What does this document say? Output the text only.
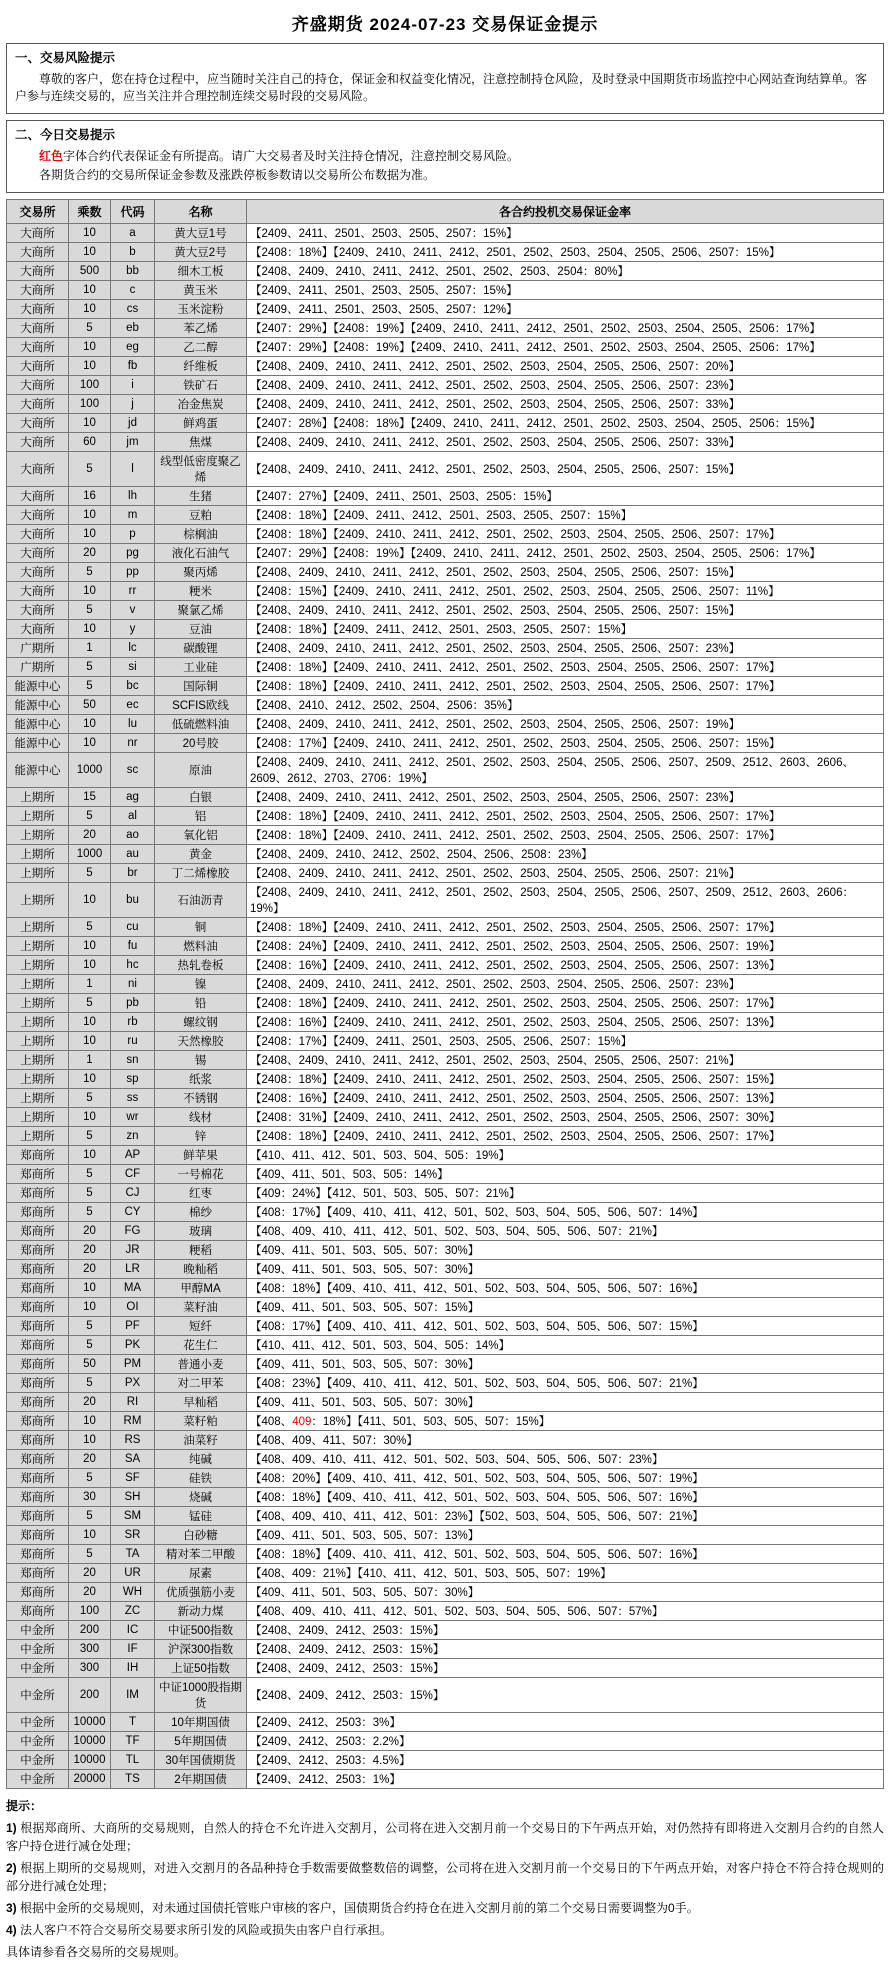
齐盛期货 2024-07-23 交易保证金提示
一、交易风险提示

尊敬的客户，您在持仓过程中，应当随时关注自己的持仓，保证金和权益变化情况，注意控制持仓风险，及时登录中国期货市场监控中心网站查询结算单。客户参与连续交易的，应当关注并合理控制连续交易时段的交易风险。

二、今日交易提示

红色字体合约代表保证金有所提高。请广大交易者及时关注持仓情况，注意控制交易风险。

各期货合约的交易所保证金参数及涨跌停板参数请以交易所公布数据为准。

交易所	乘数	代码	名称	各合约投机交易保证金率
大商所	10	a	黄大豆1号	【2409、2411、2501、2503、2505、2507：15%】
大商所	10	b	黄大豆2号	【2408：18%】【2409、2410、2411、2412、2501、2502、2503、2504、2505、2506、2507：15%】
大商所	500	bb	细木工板	【2408、2409、2410、2411、2412、2501、2502、2503、2504：80%】
大商所	10	c	黄玉米	【2409、2411、2501、2503、2505、2507：15%】
大商所	10	cs	玉米淀粉	【2409、2411、2501、2503、2505、2507：12%】
大商所	5	eb	苯乙烯	【2407：29%】【2408：19%】【2409、2410、2411、2412、2501、2502、2503、2504、2505、2506：17%】
大商所	10	eg	乙二醇	【2407：29%】【2408：19%】【2409、2410、2411、2412、2501、2502、2503、2504、2505、2506：17%】
大商所	10	fb	纤维板	【2408、2409、2410、2411、2412、2501、2502、2503、2504、2505、2506、2507：20%】
大商所	100	i	铁矿石	【2408、2409、2410、2411、2412、2501、2502、2503、2504、2505、2506、2507：23%】
大商所	100	j	冶金焦炭	【2408、2409、2410、2411、2412、2501、2502、2503、2504、2505、2506、2507：33%】
大商所	10	jd	鲜鸡蛋	【2407：28%】【2408：18%】【2409、2410、2411、2412、2501、2502、2503、2504、2505、2506：15%】
大商所	60	jm	焦煤	【2408、2409、2410、2411、2412、2501、2502、2503、2504、2505、2506、2507：33%】
大商所	5	l	线型低密度聚乙烯	【2408、2409、2410、2411、2412、2501、2502、2503、2504、2505、2506、2507：15%】
大商所	16	lh	生猪	【2407：27%】【2409、2411、2501、2503、2505：15%】
大商所	10	m	豆粕	【2408：18%】【2409、2411、2412、2501、2503、2505、2507：15%】
大商所	10	p	棕榈油	【2408：18%】【2409、2410、2411、2412、2501、2502、2503、2504、2505、2506、2507：17%】
大商所	20	pg	液化石油气	【2407：29%】【2408：19%】【2409、2410、2411、2412、2501、2502、2503、2504、2505、2506：17%】
大商所	5	pp	聚丙烯	【2408、2409、2410、2411、2412、2501、2502、2503、2504、2505、2506、2507：15%】
大商所	10	rr	粳米	【2408：15%】【2409、2410、2411、2412、2501、2502、2503、2504、2505、2506、2507：11%】
大商所	5	v	聚氯乙烯	【2408、2409、2410、2411、2412、2501、2502、2503、2504、2505、2506、2507：15%】
大商所	10	y	豆油	【2408：18%】【2409、2411、2412、2501、2503、2505、2507：15%】
广期所	1	lc	碳酸锂	【2408、2409、2410、2411、2412、2501、2502、2503、2504、2505、2506、2507：23%】
广期所	5	si	工业硅	【2408：18%】【2409、2410、2411、2412、2501、2502、2503、2504、2505、2506、2507：17%】
能源中心	5	bc	国际铜	【2408：18%】【2409、2410、2411、2412、2501、2502、2503、2504、2505、2506、2507：17%】
能源中心	50	ec	SCFIS欧线	【2408、2410、2412、2502、2504、2506：35%】
能源中心	10	lu	低硫燃料油	【2408、2409、2410、2411、2412、2501、2502、2503、2504、2505、2506、2507：19%】
能源中心	10	nr	20号胶	【2408：17%】【2409、2410、2411、2412、2501、2502、2503、2504、2505、2506、2507：15%】
能源中心	1000	sc	原油	【2408、2409、2410、2411、2412、2501、2502、2503、2504、2505、2506、2507、2509、2512、2603、2606、2609、2612、2703、2706：19%】
上期所	15	ag	白银	【2408、2409、2410、2411、2412、2501、2502、2503、2504、2505、2506、2507：23%】
上期所	5	al	铝	【2408：18%】【2409、2410、2411、2412、2501、2502、2503、2504、2505、2506、2507：17%】
上期所	20	ao	氧化铝	【2408：18%】【2409、2410、2411、2412、2501、2502、2503、2504、2505、2506、2507：17%】
上期所	1000	au	黄金	【2408、2409、2410、2412、2502、2504、2506、2508：23%】
上期所	5	br	丁二烯橡胶	【2408、2409、2410、2411、2412、2501、2502、2503、2504、2505、2506、2507：21%】
上期所	10	bu	石油沥青	【2408、2409、2410、2411、2412、2501、2502、2503、2504、2505、2506、2507、2509、2512、2603、2606：19%】
上期所	5	cu	铜	【2408：18%】【2409、2410、2411、2412、2501、2502、2503、2504、2505、2506、2507：17%】
上期所	10	fu	燃料油	【2408：24%】【2409、2410、2411、2412、2501、2502、2503、2504、2505、2506、2507：19%】
上期所	10	hc	热轧卷板	【2408：16%】【2409、2410、2411、2412、2501、2502、2503、2504、2505、2506、2507：13%】
上期所	1	ni	镍	【2408、2409、2410、2411、2412、2501、2502、2503、2504、2505、2506、2507：23%】
上期所	5	pb	铅	【2408：18%】【2409、2410、2411、2412、2501、2502、2503、2504、2505、2506、2507：17%】
上期所	10	rb	螺纹钢	【2408：16%】【2409、2410、2411、2412、2501、2502、2503、2504、2505、2506、2507：13%】
上期所	10	ru	天然橡胶	【2408：17%】【2409、2411、2501、2503、2505、2506、2507：15%】
上期所	1	sn	锡	【2408、2409、2410、2411、2412、2501、2502、2503、2504、2505、2506、2507：21%】
上期所	10	sp	纸浆	【2408：18%】【2409、2410、2411、2412、2501、2502、2503、2504、2505、2506、2507：15%】
上期所	5	ss	不锈钢	【2408：16%】【2409、2410、2411、2412、2501、2502、2503、2504、2505、2506、2507：13%】
上期所	10	wr	线材	【2408：31%】【2409、2410、2411、2412、2501、2502、2503、2504、2505、2506、2507：30%】
上期所	5	zn	锌	【2408：18%】【2409、2410、2411、2412、2501、2502、2503、2504、2505、2506、2507：17%】
郑商所	10	AP	鲜苹果	【410、411、412、501、503、504、505：19%】
郑商所	5	CF	一号棉花	【409、411、501、503、505：14%】
郑商所	5	CJ	红枣	【409：24%】【412、501、503、505、507：21%】
郑商所	5	CY	棉纱	【408：17%】【409、410、411、412、501、502、503、504、505、506、507：14%】
郑商所	20	FG	玻璃	【408、409、410、411、412、501、502、503、504、505、506、507：21%】
郑商所	20	JR	粳稻	【409、411、501、503、505、507：30%】
郑商所	20	LR	晚籼稻	【409、411、501、503、505、507：30%】
郑商所	10	MA	甲醇MA	【408：18%】【409、410、411、412、501、502、503、504、505、506、507：16%】
郑商所	10	OI	菜籽油	【409、411、501、503、505、507：15%】
郑商所	5	PF	短纤	【408：17%】【409、410、411、412、501、502、503、504、505、506、507：15%】
郑商所	5	PK	花生仁	【410、411、412、501、503、504、505：14%】
郑商所	50	PM	普通小麦	【409、411、501、503、505、507：30%】
郑商所	5	PX	对二甲苯	【408：23%】【409、410、411、412、501、502、503、504、505、506、507：21%】
郑商所	20	RI	早籼稻	【409、411、501、503、505、507：30%】
郑商所	10	RM	菜籽粕	【408、409：18%】【411、501、503、505、507：15%】
郑商所	10	RS	油菜籽	【408、409、411、507：30%】
郑商所	20	SA	纯碱	【408、409、410、411、412、501、502、503、504、505、506、507：23%】
郑商所	5	SF	硅铁	【408：20%】【409、410、411、412、501、502、503、504、505、506、507：19%】
郑商所	30	SH	烧碱	【408：18%】【409、410、411、412、501、502、503、504、505、506、507：16%】
郑商所	5	SM	锰硅	【408、409、410、411、412、501：23%】【502、503、504、505、506、507：21%】
郑商所	10	SR	白砂糖	【409、411、501、503、505、507：13%】
郑商所	5	TA	精对苯二甲酸	【408：18%】【409、410、411、412、501、502、503、504、505、506、507：16%】
郑商所	20	UR	尿素	【408、409：21%】【410、411、412、501、503、505、507：19%】
郑商所	20	WH	优质强筋小麦	【409、411、501、503、505、507：30%】
郑商所	100	ZC	新动力煤	【408、409、410、411、412、501、502、503、504、505、506、507：57%】
中金所	200	IC	中证500指数	【2408、2409、2412、2503：15%】
中金所	300	IF	沪深300指数	【2408、2409、2412、2503：15%】
中金所	300	IH	上证50指数	【2408、2409、2412、2503：15%】
中金所	200	IM	中证1000股指期货	【2408、2409、2412、2503：15%】
中金所	10000	T	10年期国债	【2409、2412、2503：3%】
中金所	10000	TF	5年期国债	【2409、2412、2503：2.2%】
中金所	10000	TL	30年国债期货	【2409、2412、2503：4.5%】
中金所	20000	TS	2年期国债	【2409、2412、2503：1%】
提示：

1) 根据郑商所、大商所的交易规则，自然人的持仓不允许进入交割月，公司将在进入交割月前一个交易日的下午两点开始，对仍然持有即将进入交割月合约的自然人客户持仓进行减仓处理；

2) 根据上期所的交易规则，对进入交割月的各品种持仓手数需要做整数倍的调整，公司将在进入交割月前一个交易日的下午两点开始，对客户持仓不符合持仓规则的部分进行减仓处理；

3) 根据中金所的交易规则，对未通过国债托管账户审核的客户，国债期货合约持仓在进入交割月前的第二个交易日需要调整为0手。

4) 法人客户不符合交易所交易要求所引发的风险或损失由客户自行承担。

具体请参看各交易所的交易规则。
